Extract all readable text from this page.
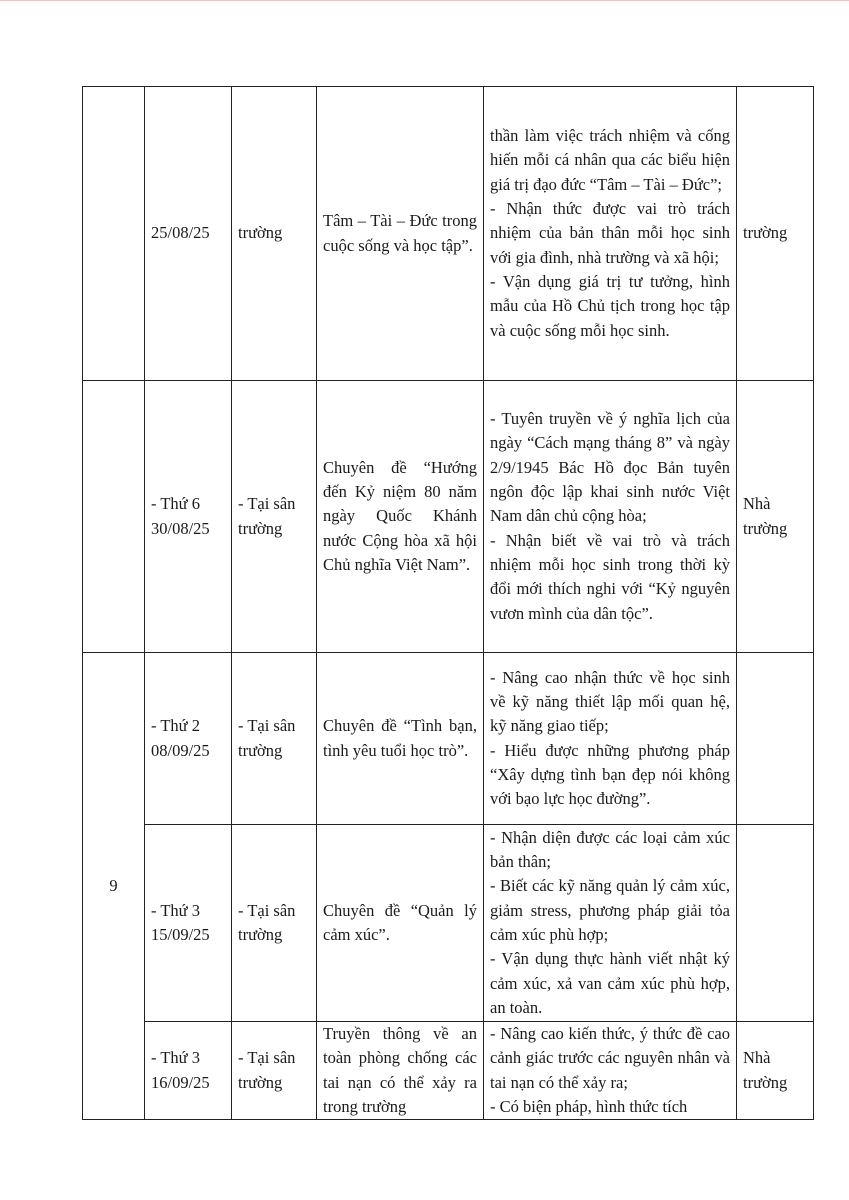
	25/08/25	trường	Tâm – Tài – Đức trong cuộc sống và học tập”.	thần làm việc trách nhiệm và cống hiến mỗi cá nhân qua các biểu hiện giá trị đạo đức “Tâm – Tài – Đức”;
- Nhận thức được vai trò trách nhiệm của bản thân mỗi học sinh với gia đình, nhà trường và xã hội;
- Vận dụng giá trị tư tưởng, hình mẫu của Hồ Chủ tịch trong học tập và cuộc sống mỗi học sinh.	trường
	- Thứ 6 30/08/25	- Tại sân trường	Chuyên đề “Hướng đến Kỷ niệm 80 năm ngày Quốc Khánh nước Cộng hòa xã hội Chủ nghĩa Việt Nam”.	- Tuyên truyền về ý nghĩa lịch của ngày “Cách mạng tháng 8” và ngày 2/9/1945 Bác Hồ đọc Bản tuyên ngôn độc lập khai sinh nước Việt Nam dân chủ cộng hòa;
- Nhận biết về vai trò và trách nhiệm mỗi học sinh trong thời kỳ đổi mới thích nghi với “Kỷ nguyên vươn mình của dân tộc”.	Nhà trường
9	- Thứ 2 08/09/25	- Tại sân trường	Chuyên đề “Tình bạn, tình yêu tuổi học trò”.	- Nâng cao nhận thức về học sinh về kỹ năng thiết lập mối quan hệ, kỹ năng giao tiếp;
- Hiểu được những phương pháp “Xây dựng tình bạn đẹp nói không với bạo lực học đường”.	

	- Thứ 3 15/09/25	- Tại sân trường	Chuyên đề “Quản lý cảm xúc”.	- Nhận diện được các loại cảm xúc bản thân;
- Biết các kỹ năng quản lý cảm xúc, giảm stress, phương pháp giải tỏa cảm xúc phù hợp;
- Vận dụng thực hành viết nhật ký cảm xúc, xả van cảm xúc phù hợp, an toàn.	

	- Thứ 3 16/09/25	- Tại sân trường	Truyền thông về an toàn phòng chống các tai nạn có thể xảy ra trong trường	- Nâng cao kiến thức, ý thức đề cao cảnh giác trước các nguyên nhân và tai nạn có thể xảy ra;
- Có biện pháp, hình thức tích	Nhà trường
